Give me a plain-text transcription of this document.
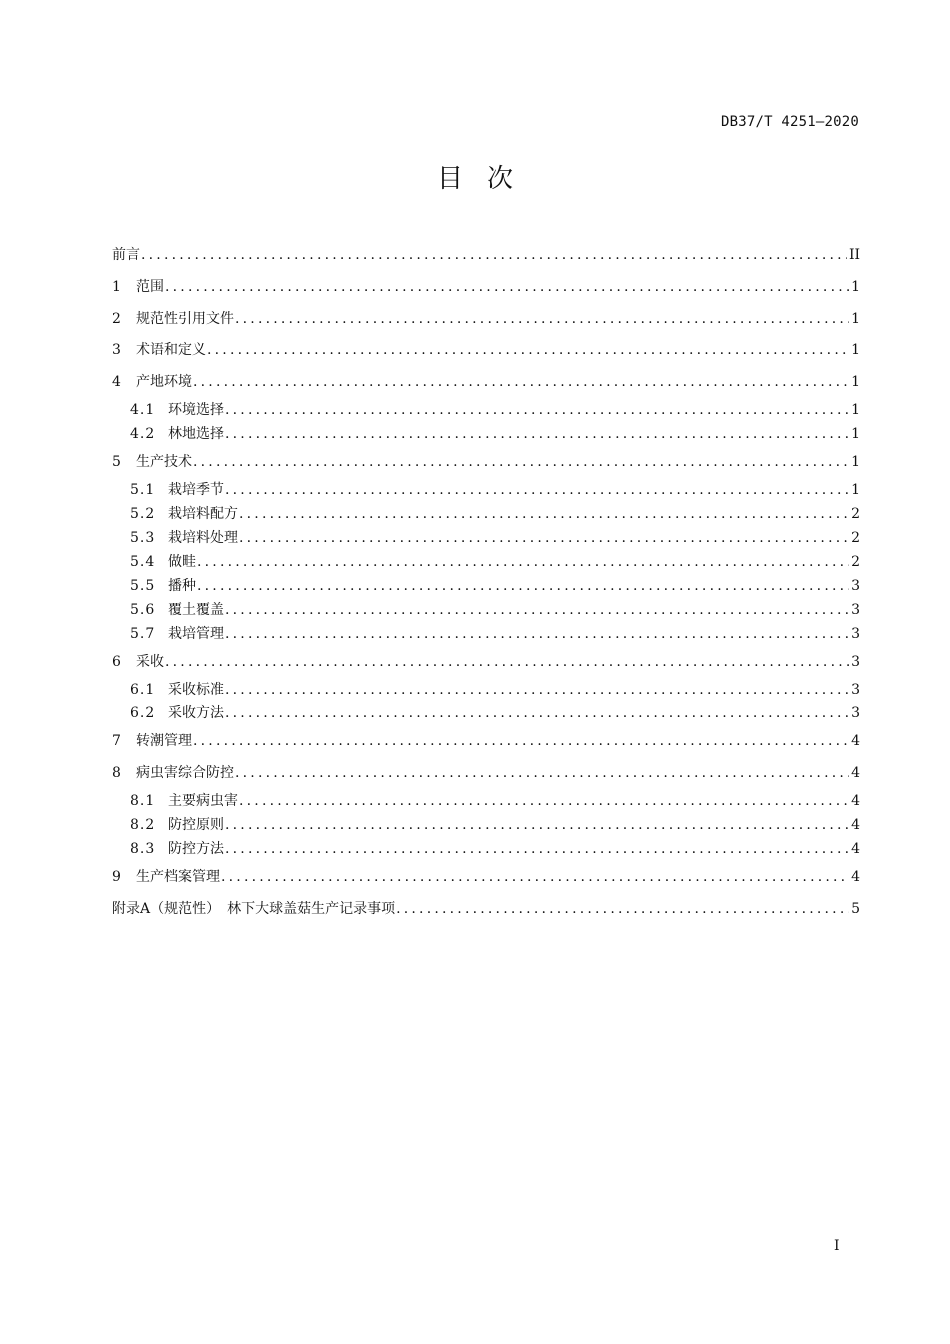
DB37/T 4251—2020
目次
前言 .....	II
1	范围 .....	1
2	规范性引用文件 .....	1
3	术语和定义 .....	1
4	产地环境 .....	1
4.1 环境选择 .....	1
4.2 林地选择 .....	1
5	生产技术 .....	1
5.1 栽培季节 .....	1
5.2 栽培料配方 .....	2
5.3 栽培料处理 .....	2
5.4 做畦 .....	2
5.5 播种 .....	3
5.6 覆土覆盖 .....	3
5.7 栽培管理 .....	3
6	采收 .....	3
6.1 采收标准 .....	3
6.2 采收方法 .....	3
7	转潮管理 .....	4
8	病虫害综合防控 .....	4
8.1 主要病虫害 .....	4
8.2 防控原则 .....	4
8.3 防控方法 .....	4
9	生产档案管理 .....	4
附录A（规范性）　林下大球盖菇生产记录事项 .....	5
I
